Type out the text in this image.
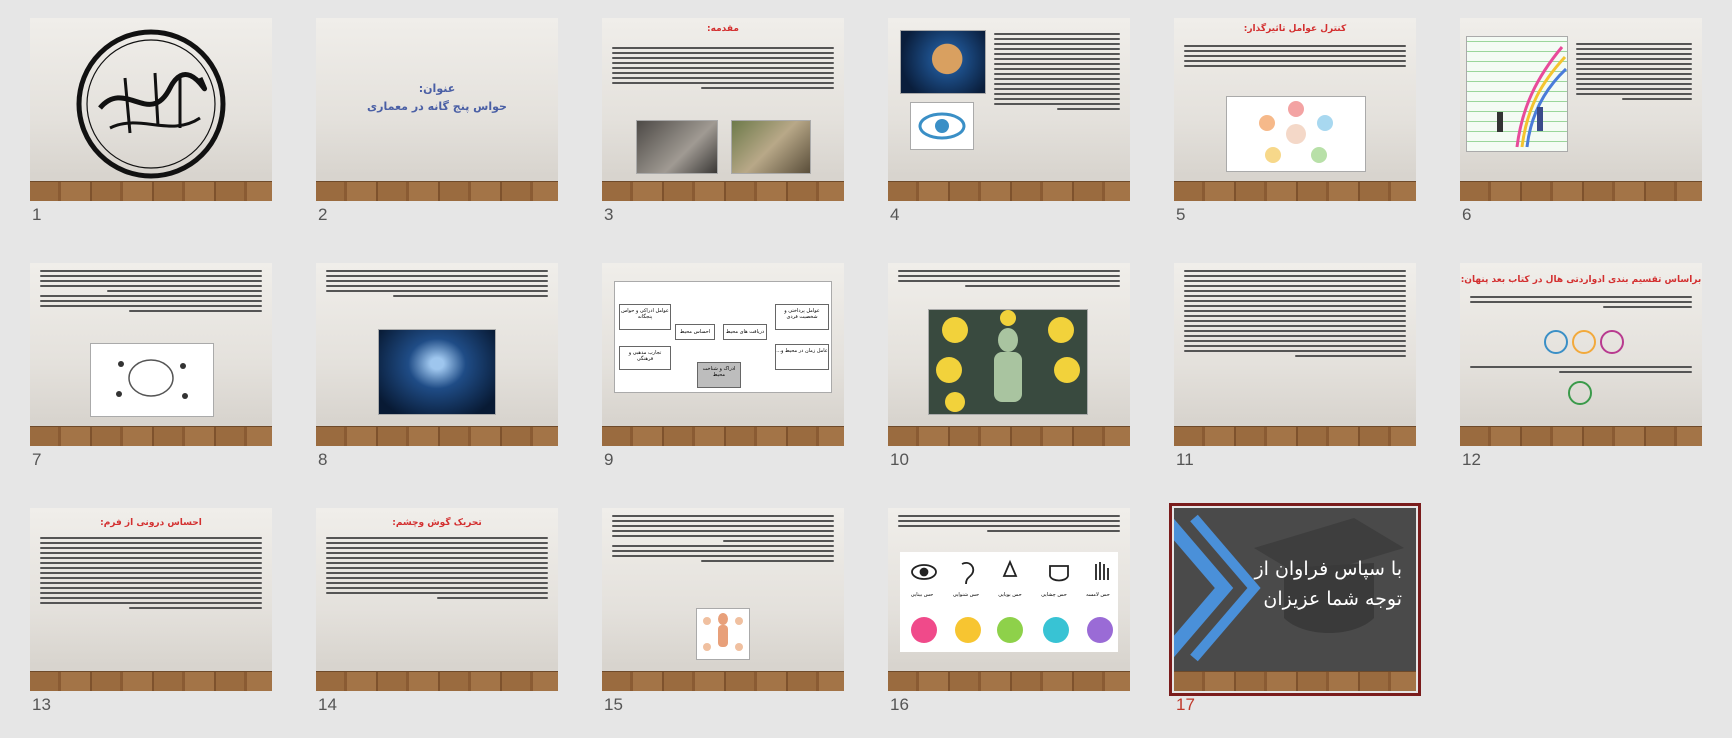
1
عنوان:
حواس پنج گانه در معماری
2
مقدمه:
3	4
کنترل عوامل تاثیرگذار:
5	6
7	8
عوامل ادراکی و حواس پنجگانه
احساس محیط	دریافت های محیط
عوامل پرداختی و شخصیت فردی
تجارب مذهبی و فرهنگی
عامل زمان در محیط و...
ادراک و شناخت محیط
9	10	11
براساس تقسیم بندی ادوارد‌تی هال در کتاب بعد پنهان:
12
احساس درونی از فرم:
13
تحریک گوش وچشم:
14	15
حس بینایی	حس شنوایی	حس بویایی	حس چشایی	حس لامسه
16
با سپاس فراوان از
توجه شما عزیزان
17
